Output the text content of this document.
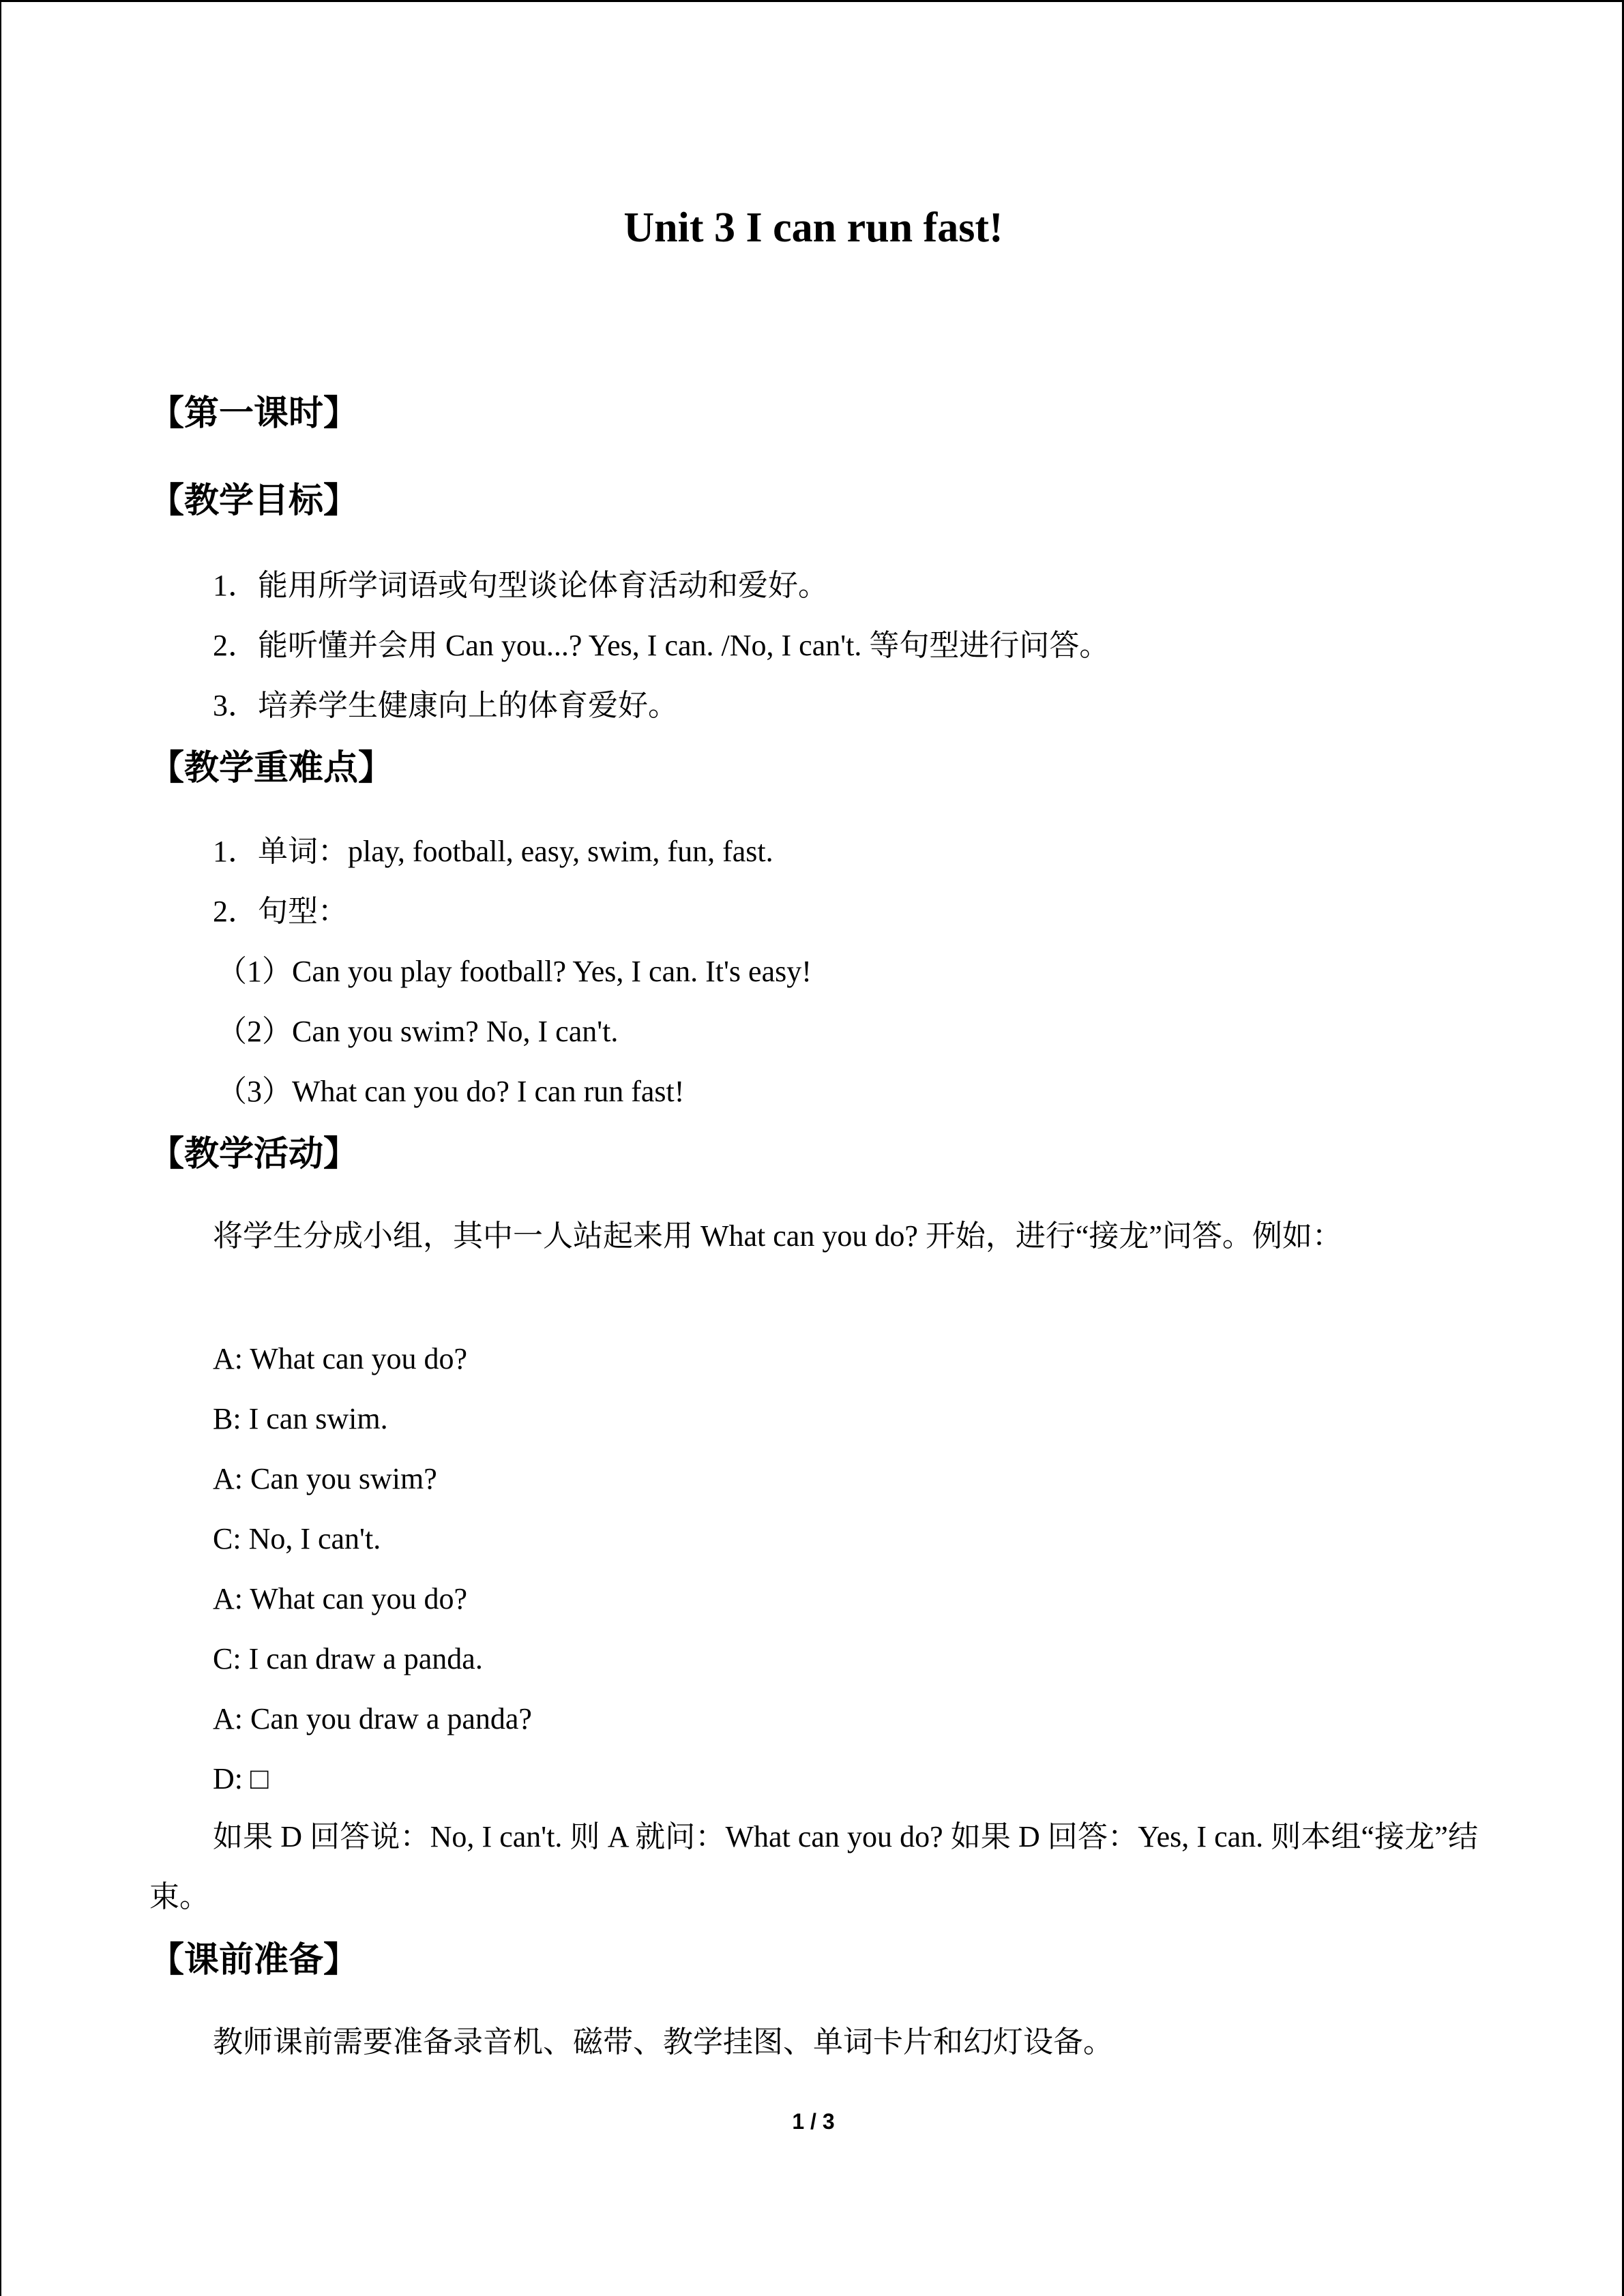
Unit 3 I can run fast!
【第一课时】
【教学目标】
1．能用所学词语或句型谈论体育活动和爱好。
2．能听懂并会用 Can you...? Yes, I can. /No, I can't. 等句型进行问答。
3．培养学生健康向上的体育爱好。
【教学重难点】
1．单词：play, football, easy, swim, fun, fast.
2．句型：
（1）Can you play football? Yes, I can. It's easy!
（2）Can you swim? No, I can't.
（3）What can you do? I can run fast!
【教学活动】
将学生分成小组，其中一人站起来用 What can you do? 开始，进行“接龙”问答。例如：
A: What can you do?
B: I can swim.
A: Can you swim?
C: No, I can't.
A: What can you do?
C: I can draw a panda.
A: Can you draw a panda?
D: □
如果 D 回答说：No, I can't. 则 A 就问：What can you do? 如果 D 回答：Yes, I can. 则本组“接龙”结束。
【课前准备】
教师课前需要准备录音机、磁带、教学挂图、单词卡片和幻灯设备。
1 / 3
